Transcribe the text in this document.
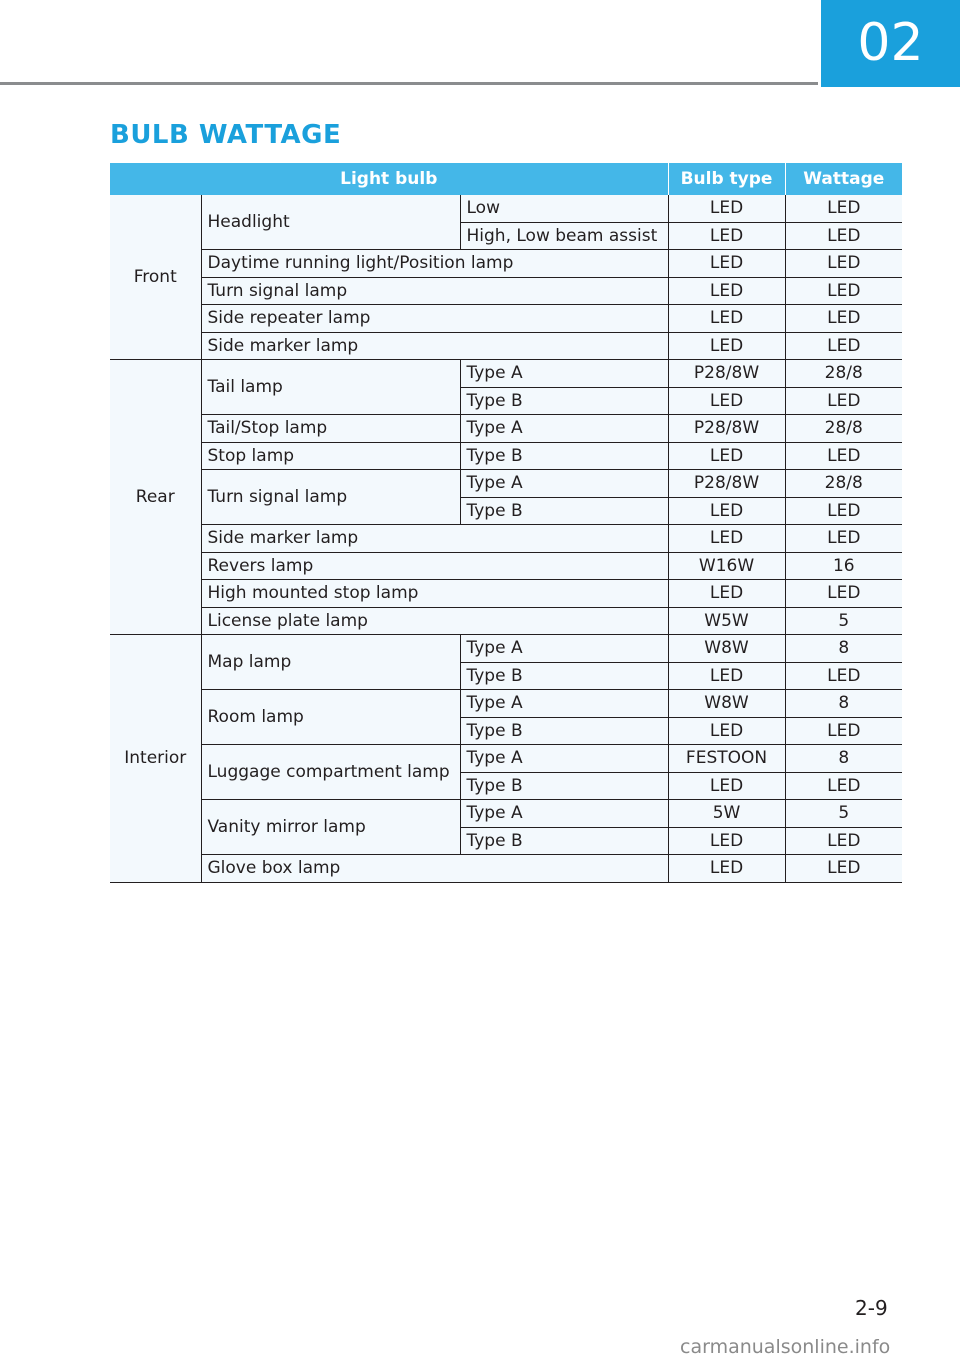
02
BULB WATTAGE
Light bulb			Bulb type	Wattage
Front	Headlight	Low	LED	LED
		High, Low beam assist	LED	LED
	Daytime running light/Position lamp		LED	LED
	Turn signal lamp		LED	LED
	Side repeater lamp		LED	LED
	Side marker lamp		LED	LED
Rear	Tail lamp	Type A	P28/8W	28/8
		Type B	LED	LED
	Tail/Stop lamp	Type A	P28/8W	28/8
	Stop lamp	Type B	LED	LED
	Turn signal lamp	Type A	P28/8W	28/8
		Type B	LED	LED
	Side marker lamp		LED	LED
	Revers lamp		W16W	16
	High mounted stop lamp		LED	LED
	License plate lamp		W5W	5
Interior	Map lamp	Type A	W8W	8
		Type B	LED	LED
	Room lamp	Type A	W8W	8
		Type B	LED	LED
	Luggage compartment lamp	Type A	FESTOON	8
		Type B	LED	LED
	Vanity mirror lamp	Type A	5W	5
		Type B	LED	LED
	Glove box lamp		LED	LED
2-9
carmanualsonline.info
